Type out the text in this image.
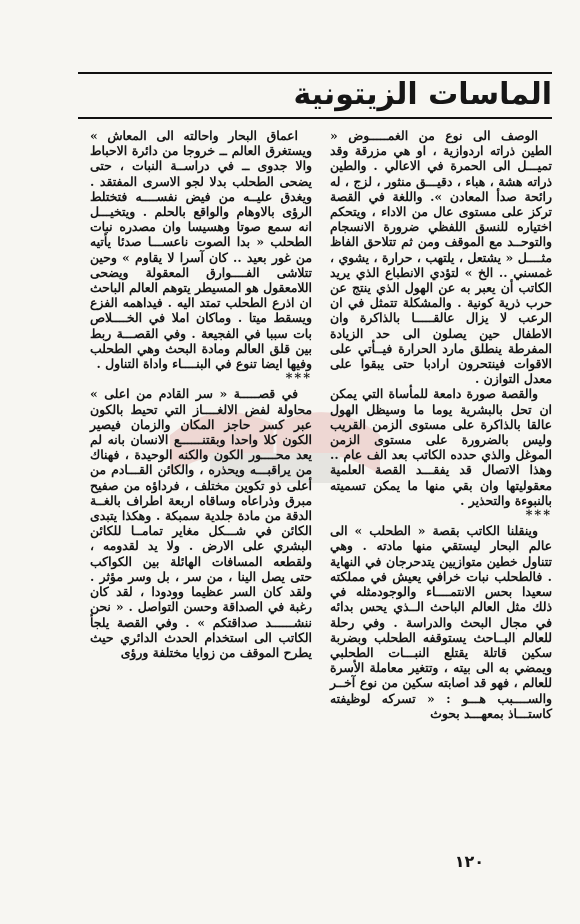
الماسات الزيتونية

الوصف الى نوع من الغمـــــوض « الطين ذراته اردوازية ، او هي مزرقة وقد تميـــل الى الحمرة في الاعالي . والطين ذراته هشة ، هباء ، دقيـــق منثور ، لزج ، له رائحة صدأ المعادن ». واللغة في القصة تركز على مستوى عال من الاداء ، ويتحكم اختياره للنسق اللفظي ضرورة الانسجام والتوحــد مع الموقف ومن ثم تتلاحق الفاظ مثــــل « يشتعل ، يلتهب ، حرارة ، يشوي ، غمسني .. الخ » لتؤدي الانطباع الذي يريد الكاتب أن يعبر به عن الهول الذي ينتج عن حرب ذرية كونية . والمشكلة تتمثل في ان الرعب لا يزال عالقـــــا بالذاكرة وان الاطفال حين يصلون الى حد الزيادة المفرطة ينطلق مارد الحرارة فيــأتي على الاقوات فينتحرون ارادبا حتى يبقوا على معدل التوازن .

والقصة صورة دامعة للمأساة التي يمكن ان تحل بالبشرية يوما ما وسيظل الهول عالقا بالذاكرة على مستوى الزمن القريب وليس بالضرورة على مستوى الزمن الموغل والذي حدده الكاتب بعد الف عام .. وهذا الاتصال قد يفقـــد القصة العلمية معقوليتها وان بقي منها ما يمكن تسميته بالنبوءة والتحذير .

***

وينقلنا الكاتب بقصة « الطحلب » الى عالم البحار ليستقي منها مادته . وهي تتناول خطين متوازيين يتدحرجان في النهاية . فالطحلب نبات خرافي يعيش في مملكته سعيدا بحس الانتمــــاء والوجودمثله في ذلك مثل العالم الباحث الــذي يحس بدائه في مجال البحث والدراسة . وفي رحلة للعالم البــاحث يستوقفه الطحلب وبضربة سكين قاتلة يقتلع النبـــات الطحلبي ويمضي به الى بيته ، وتتغير معاملة الأسرة للعالم ، فهو قد اصابته سكين من نوع آخــر والســــبب هـــو : « تسركه لوظيفته كاستـــاذ بمعهـــد بحوث

اعماق البحار واحالته الى المعاش » ويستغرق العالم ــ خروجا من دائرة الاحباط والا جدوى ــ في دراســة النبات ، حتى يضحى الطحلب بدلا لجو الاسرى المفتقد . ويغدق عليــه من فيض نفســــه فتختلط الرؤى بالاوهام والواقع بالحلم . ويتخيـــل انه سمع صوتا وهسيسا وان مصدره نبات الطحلب « بدا الصوت ناعســـا صدئا يأتيه من غور بعيد .. كان آسرا لا يقاوم » وحين تتلاشى الفــــوارق المعقولة ويضحى اللامعقول هو المسيطر يتوهم العالم الباحث ان اذرع الطحلب تمتد اليه . فيداهمه الفزع ويسقط ميتا . وماكان املا في الخــــلاص بات سببا في الفجيعة . وفي القصـــة ربط بين قلق العالم ومادة البحث وهي الطحلب وفيها ايضا تنوع في البنــــاء واداة التناول .

***

في قصـــــة « سر القادم من اعلى » محاولة لفض الالغــــاز التي تحيط بالكون عبر كسر حاجز المكان والزمان فيصير الكون كلا واحدا وبقتنــــــع الانسان بانه لم يعد محــــور الكون والكنه الوحيدة ، فهناك من يراقبـــه ويحذره ، والكائن القـــادم من أعلى ذو تكوين مختلف ، فرداؤه من صفيح مبرق وذراعاه وساقاه اربعة اطراف بالغــة الدقة من مادة جلدية سمبكة . وهكذا يتبدى الكائن في شـــكل مغاير تمامــا للكائن البشري على الارض . ولا يد لقدومه ، ولقطعه المسافات الهائلة بين الكواكب حتى يصل الينا ، من سر ، بل وسر مؤثر . ولقد كان السر عظيما وودودا ، لقد كان رغبة في الصداقة وحسن التواصل . « نحن ننشــــــد صداقتكم » . وفي القصة يلجأ الكاتب الى استخدام الحدث الدائري حيث يطرح الموقف من زوايا مختلفة ورؤى

١٢٠
